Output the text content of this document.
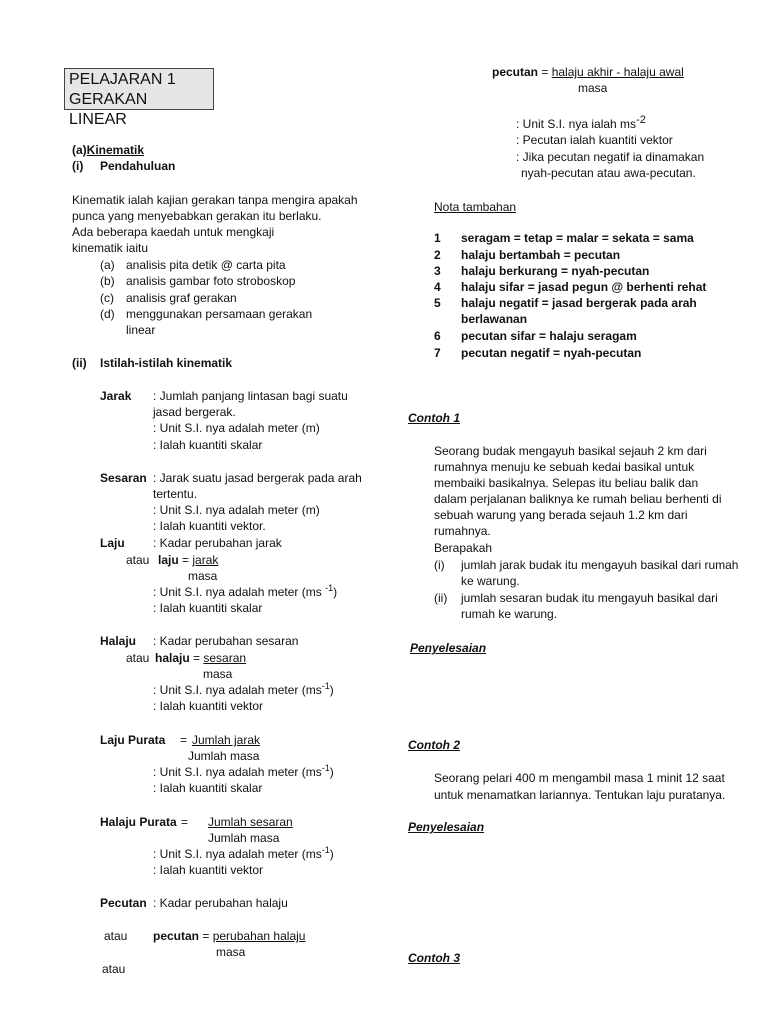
PELAJARAN 1
GERAKAN LINEAR
(a)Kinematik
(i) Pendahuluan
Kinematik ialah kajian gerakan tanpa mengira apakah
punca yang menyebabkan gerakan itu berlaku.
Ada beberapa kaedah untuk mengkaji
kinematik iaitu
(a) analisis pita detik @ carta pita
(b) analisis gambar foto stroboskop
(c) analisis graf gerakan
(d) menggunakan persamaan gerakan
linear
(ii) Istilah-istilah kinematik
Jarak : Jumlah panjang lintasan bagi suatu
jasad bergerak.
: Unit S.I. nya adalah meter (m)
: Ialah kuantiti skalar
Sesaran : Jarak suatu jasad bergerak pada arah
tertentu.
: Unit S.I. nya adalah meter (m)
: Ialah kuantiti vektor.
Laju : Kadar perubahan jarak
atau laju = jarak
masa
: Unit S.I. nya adalah meter (ms $^{-1}$)
: Ialah kuantiti skalar
Halaju : Kadar perubahan sesaran
atau halaju = sesaran
masa
: Unit S.I. nya adalah meter $(ms^{-1})$
: Ialah kuantiti vektor
Laju Purata = Jumlah jarak
Jumlah masa
: Unit S.I. nya adalah meter $(ms^{-1})$
: Ialah kuantiti skalar
Halaju Purata = Jumlah sesaran
Jumlah masa
: Unit S.I. nya adalah meter $(ms^{-1})$
: Ialah kuantiti vektor
Pecutan : Kadar perubahan halaju
atau pecutan = perubahan halaju
masa
atau
pecutan = halaju akhir - halaju awal
masa
: Unit S.I. nya ialah $ms^{-2}$
: Pecutan ialah kuantiti vektor
: Jika pecutan negatif ia dinamakan
nyah-pecutan atau awa-pecutan.
Nota tambahan
1 seragam = tetap = malar = sekata = sama
2 halaju bertambah = pecutan
3 halaju berkurang = nyah-pecutan
4 halaju sifar = jasad pegun @ berhenti rehat
5 halaju negatif = jasad bergerak pada arah
berlawanan
6 pecutan sifar = halaju seragam
7 pecutan negatif = nyah-pecutan
Contoh 1
Seorang budak mengayuh basikal sejauh 2 km dari
rumahnya menuju ke sebuah kedai basikal untuk
membaiki basikalnya. Selepas itu beliau balik dan
dalam perjalanan baliknya ke rumah beliau berhenti di
sebuah warung yang berada sejauh 1.2 km dari
rumahnya.
Berapakah
(i) jumlah jarak budak itu mengayuh basikal dari rumah
ke warung.
(ii) jumlah sesaran budak itu mengayuh basikal dari
rumah ke warung.
Penyelesaian
Contoh 2
Seorang pelari 400 m mengambil masa 1 minit 12 saat
untuk menamatkan lariannya. Tentukan laju puratanya.
Penyelesaian
Contoh 3
